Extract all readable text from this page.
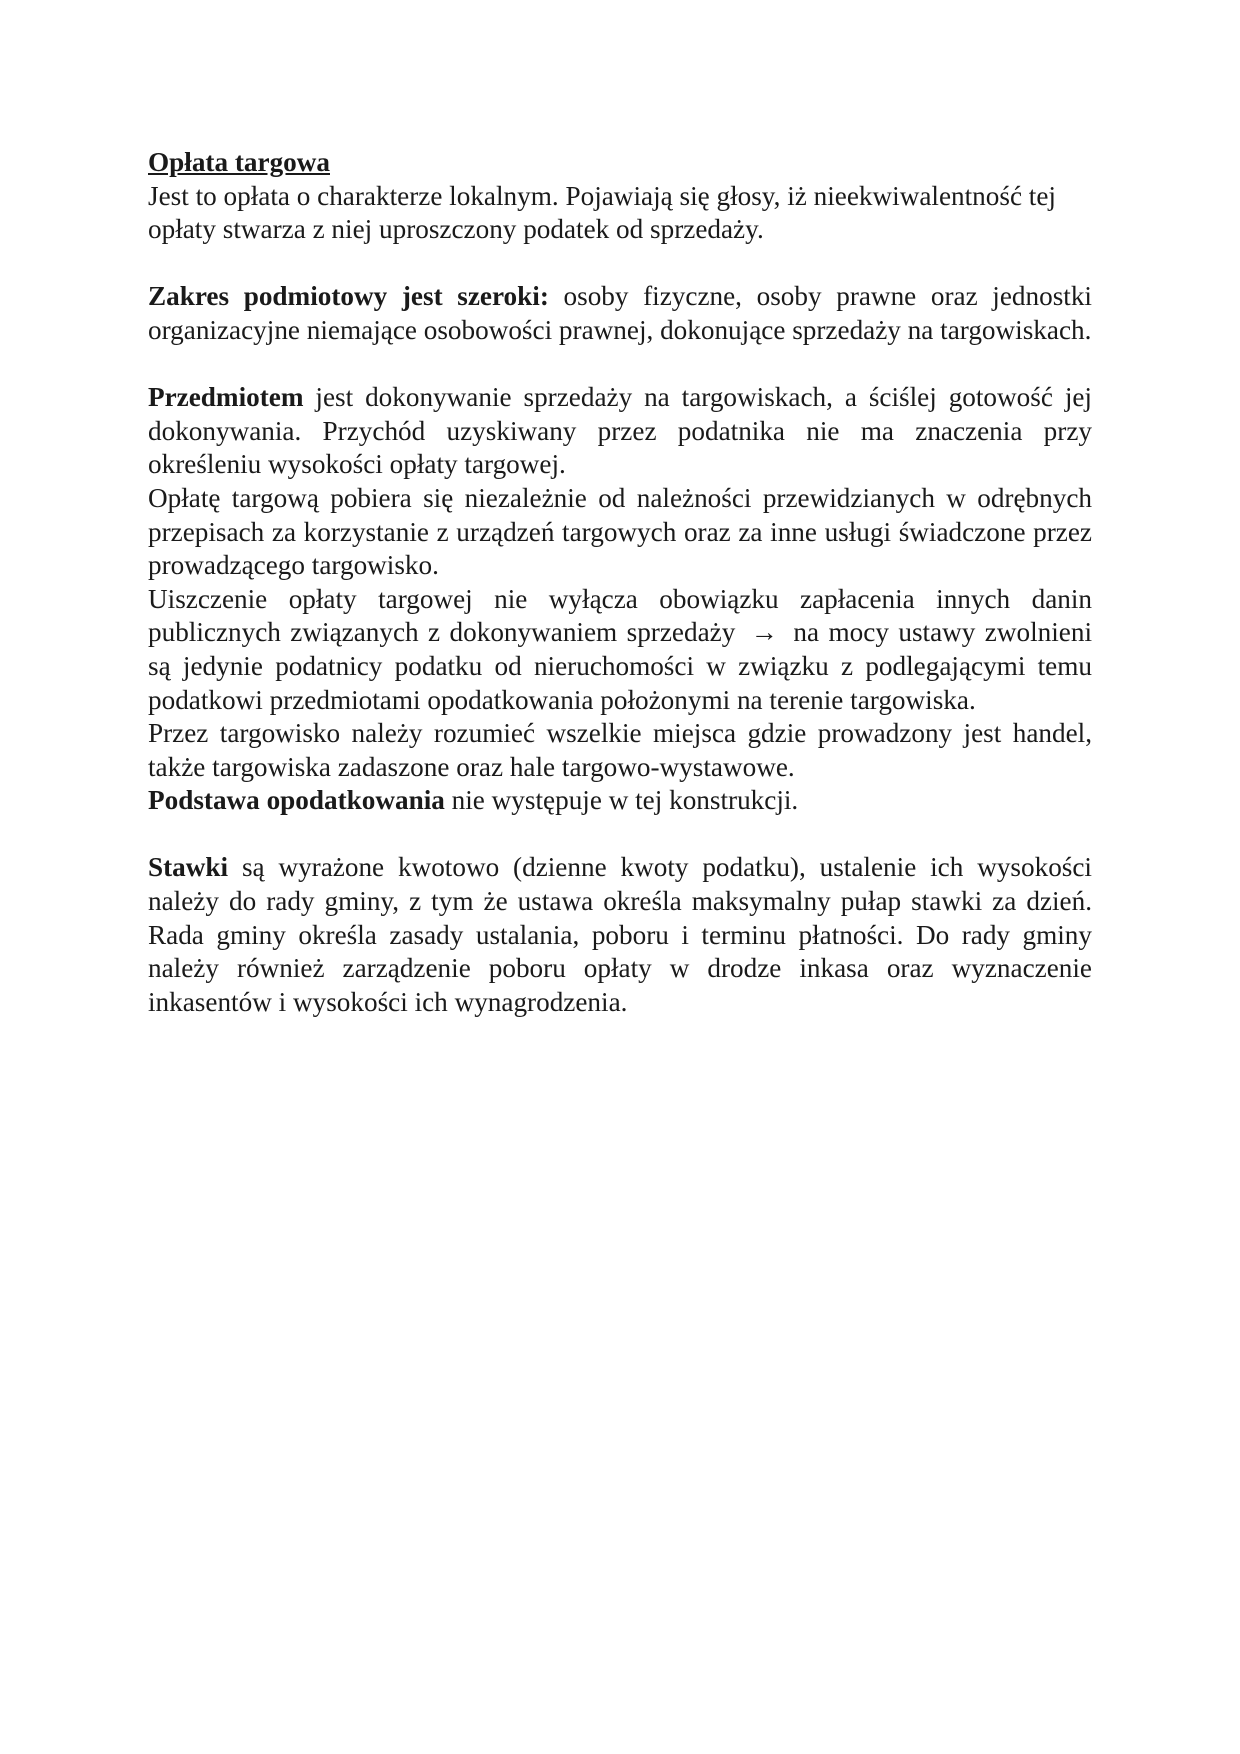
Opłata targowa

Jest to opłata o charakterze lokalnym. Pojawiają się głosy, iż nieekwiwalentność tej opłaty stwarza z niej uproszczony podatek od sprzedaży.

Zakres podmiotowy jest szeroki: osoby fizyczne, osoby prawne oraz jednostki organizacyjne niemające osobowości prawnej, dokonujące sprzedaży na targowiskach.

Przedmiotem jest dokonywanie sprzedaży na targowiskach, a ściślej gotowość jej dokonywania. Przychód uzyskiwany przez podatnika nie ma znaczenia przy określeniu wysokości opłaty targowej.

Opłatę targową pobiera się niezależnie od należności przewidzianych w odrębnych przepisach za korzystanie z urządzeń targowych oraz za inne usługi świadczone przez prowadzącego targowisko.

Uiszczenie opłaty targowej nie wyłącza obowiązku zapłacenia innych danin publicznych związanych z dokonywaniem sprzedaży → na mocy ustawy zwolnieni są jedynie podatnicy podatku od nieruchomości w związku z podlegającymi temu podatkowi przedmiotami opodatkowania położonymi na terenie targowiska.

Przez targowisko należy rozumieć wszelkie miejsca gdzie prowadzony jest handel, także targowiska zadaszone oraz hale targowo-wystawowe.

Podstawa opodatkowania nie występuje w tej konstrukcji.

Stawki są wyrażone kwotowo (dzienne kwoty podatku), ustalenie ich wysokości należy do rady gminy, z tym że ustawa określa maksymalny pułap stawki za dzień. Rada gminy określa zasady ustalania, poboru i terminu płatności. Do rady gminy należy również zarządzenie poboru opłaty w drodze inkasa oraz wyznaczenie inkasentów i wysokości ich wynagrodzenia.
